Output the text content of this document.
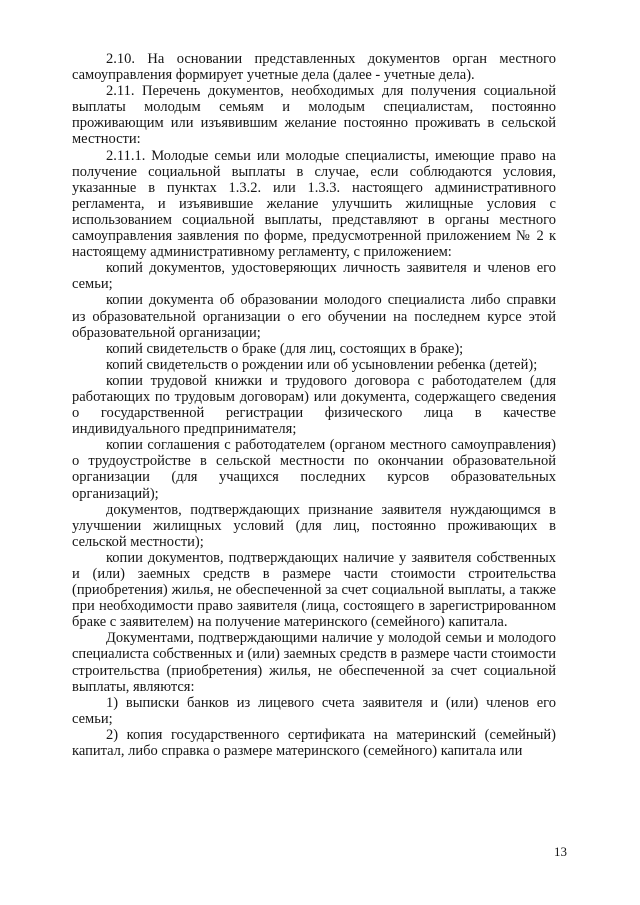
2.10. На основании представленных документов орган местного самоуправления формирует учетные дела (далее - учетные дела).

2.11. Перечень документов, необходимых для получения социальной выплаты молодым семьям и молодым специалистам, постоянно проживающим или изъявившим желание постоянно проживать в сельской местности:

2.11.1. Молодые семьи или молодые специалисты, имеющие право на получение социальной выплаты в случае, если соблюдаются условия, указанные в пунктах 1.3.2. или 1.3.3. настоящего административного регламента, и изъявившие желание улучшить жилищные условия с использованием социальной выплаты, представляют в органы местного самоуправления заявления по форме, предусмотренной приложением № 2 к настоящему административному регламенту, с приложением:

копий документов, удостоверяющих личность заявителя и членов его семьи;

копии документа об образовании молодого специалиста либо справки из образовательной организации о его обучении на последнем курсе этой образовательной организации;

копий свидетельств о браке (для лиц, состоящих в браке);

копий свидетельств о рождении или об усыновлении ребенка (детей);

копии трудовой книжки и трудового договора с работодателем (для работающих по трудовым договорам) или документа, содержащего сведения о государственной регистрации физического лица в качестве индивидуального предпринимателя;

копии соглашения с работодателем (органом местного самоуправления) о трудоустройстве в сельской местности по окончании образовательной организации (для учащихся последних курсов образовательных организаций);

документов, подтверждающих признание заявителя нуждающимся в улучшении жилищных условий (для лиц, постоянно проживающих в сельской местности);

копии документов, подтверждающих наличие у заявителя собственных и (или) заемных средств в размере части стоимости строительства (приобретения) жилья, не обеспеченной за счет социальной выплаты, а также при необходимости право заявителя (лица, состоящего в зарегистрированном браке с заявителем) на получение материнского (семейного) капитала.

Документами, подтверждающими наличие у молодой семьи и молодого специалиста собственных и (или) заемных средств в размере части стоимости строительства (приобретения) жилья, не обеспеченной за счет социальной выплаты, являются:

1) выписки банков из лицевого счета заявителя и (или) членов его семьи;

2) копия государственного сертификата на материнский (семейный) капитал, либо справка о размере материнского (семейного) капитала или

13
